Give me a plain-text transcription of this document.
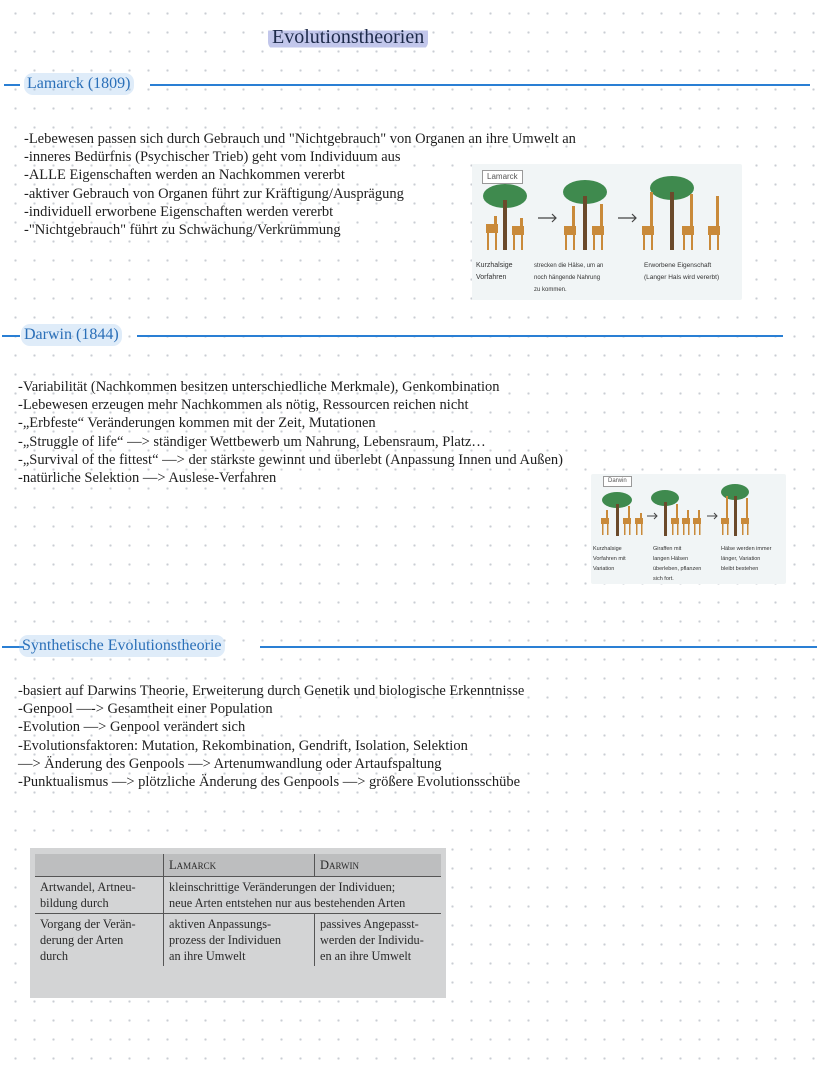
Evolutionstheorien
Lamarck (1809)
-Lebewesen passen sich durch Gebrauch und "Nichtgebrauch" von Organen an ihre Umwelt an
-inneres Bedürfnis (Psychischer Trieb) geht vom Individuum aus
-ALLE Eigenschaften werden an Nachkommen vererbt
-aktiver Gebrauch von Organen führt zur Kräftigung/Ausprägung
-individuell erworbene Eigenschaften werden vererbt
-"Nichtgebrauch" führt zu Schwächung/Verkrümmung
Lamarck
Kurzhalsige
Vorfahren
strecken die Hälse, um an
noch hängende Nahrung
zu kommen.
Erworbene Eigenschaft
(Langer Hals wird vererbt)
Darwin (1844)
-Variabilität (Nachkommen besitzen unterschiedliche Merkmale), Genkombination
-Lebewesen erzeugen mehr Nachkommen als nötig, Ressourcen reichen nicht
-„Erbfeste“ Veränderungen kommen mit der Zeit, Mutationen
-„Struggle of life“ —> ständiger Wettbewerb um Nahrung, Lebensraum, Platz…
-„Survival of the fittest“ —> der stärkste gewinnt und überlebt (Anpassung Innen und Außen)
-natürliche Selektion —> Auslese-Verfahren	Darwin
Kurzhalsige
Vorfahren mit
Variation
Giraffen mit
langen Hälsen
überleben, pflanzen
sich fort.
Hälse werden immer
länger, Variation
bleibt bestehen
Synthetische Evolutionstheorie
-basiert auf Darwins Theorie, Erweiterung durch Genetik und biologische Erkenntnisse
-Genpool —-> Gesamtheit einer Population
-Evolution —> Genpool verändert sich
-Evolutionsfaktoren: Mutation, Rekombination, Gendrift, Isolation, Selektion
—> Änderung des Genpools —> Artenumwandlung oder Artaufspaltung
-Punktualismus —> plötzliche Änderung des Genpools —> größere Evolutionsschübe
	Lamarck	Darwin
Artwandel, Artneu-
bildung durch	kleinschrittige Veränderungen der Individuen;
neue Arten entstehen nur aus bestehenden Arten	
Vorgang der Verän-
derung der Arten
durch	aktiven Anpassungs-
prozess der Individuen
an ihre Umwelt	passives Angepasst-
werden der Individu-
en an ihre Umwelt
